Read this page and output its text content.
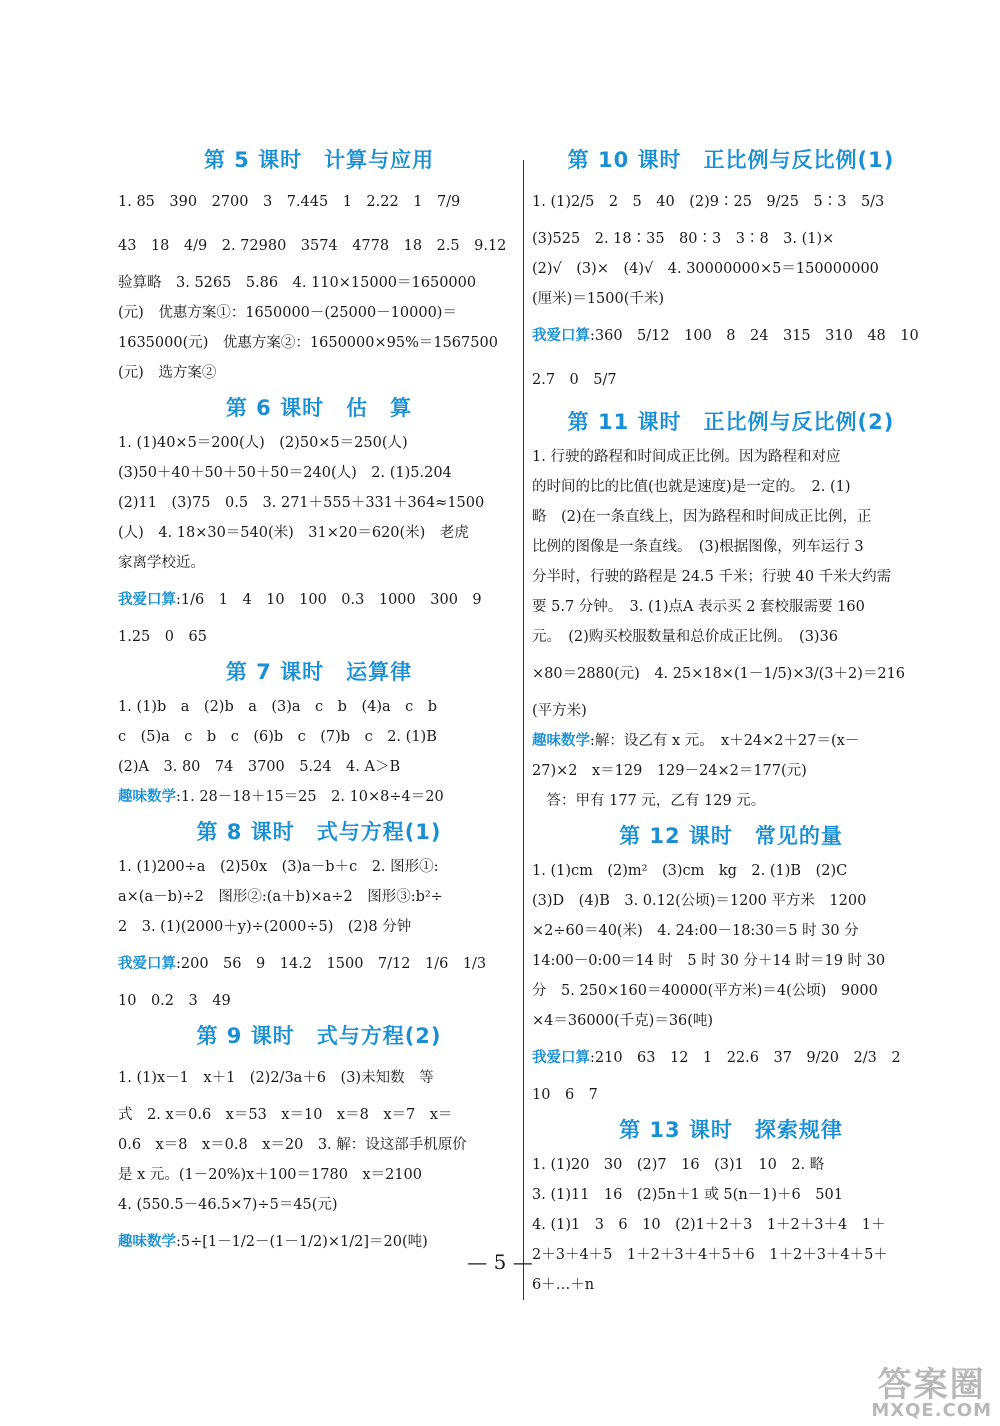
第 5 课时　计算与应用
1. 85　390　2700　3　7.445　1　2.22　1　7/9
43　18　4/9　2. 72980　3574　4778　18　2.5　9.12
验算略　3. 5265　5.86　4. 110×15000＝1650000
(元)　优惠方案①：1650000－(25000－10000)＝
1635000(元)　优惠方案②：1650000×95%＝1567500
(元)　选方案②
第 6 课时　估　算
1. (1)40×5＝200(人)　(2)50×5＝250(人)
(3)50＋40＋50＋50＋50＝240(人)　2. (1)5.204
(2)11　(3)75　0.5　3. 271＋555＋331＋364≈1500
(人)　4. 18×30＝540(米)　31×20＝620(米)　老虎
家离学校近。
我爱口算:1/6　1　4　10　100　0.3　1000　300　9
1.25　0　65
第 7 课时　运算律
1. (1)b　a　(2)b　a　(3)a　c　b　(4)a　c　b
c　(5)a　c　b　c　(6)b　c　(7)b　c　2. (1)B
(2)A　3. 80　74　3700　5.24　4. A＞B
趣味数学:1. 28－18＋15＝25　2. 10×8÷4＝20
第 8 课时　式与方程(1)
1. (1)200÷a　(2)50x　(3)a－b＋c　2. 图形①:
a×(a－b)÷2　图形②:(a＋b)×a÷2　图形③:b²÷
2　3. (1)(2000＋y)÷(2000÷5)　(2)8 分钟
我爱口算:200　56　9　14.2　1500　7/12　1/6　1/3
10　0.2　3　49
第 9 课时　式与方程(2)
1. (1)x－1　x＋1　(2)2/3a＋6　(3)未知数　等
式　2. x＝0.6　x＝53　x＝10　x＝8　x＝7　x＝
0.6　x＝8　x＝0.8　x＝20　3. 解：设这部手机原价
是 x 元。(1－20%)x＋100＝1780　x＝2100
4. (550.5－46.5×7)÷5＝45(元)
趣味数学:5÷[1－1/2－(1－1/2)×1/2]＝20(吨)
第 10 课时　正比例与反比例(1)
1. (1)2/5　2　5　40　(2)9∶25　9/25　5∶3　5/3
(3)525　2. 18∶35　80∶3　3∶8　3. (1)×
(2)√　(3)×　(4)√　4. 30000000×5＝150000000
(厘米)＝1500(千米)
我爱口算:360　5/12　100　8　24　315　310　48　10
2.7　0　5/7
第 11 课时　正比例与反比例(2)
1. 行驶的路程和时间成正比例。因为路程和对应
的时间的比的比值(也就是速度)是一定的。　2. (1)
略　(2)在一条直线上，因为路程和时间成正比例，正
比例的图像是一条直线。　(3)根据图像，列车运行 3
分半时，行驶的路程是 24.5 千米；行驶 40 千米大约需
要 5.7 分钟。　3. (1)点A 表示买 2 套校服需要 160
元。　(2)购买校服数量和总价成正比例。　(3)36
×80＝2880(元)　4. 25×18×(1－1/5)×3/(3＋2)＝216
(平方米)
趣味数学:解：设乙有 x 元。　x＋24×2＋27＝(x－
27)×2　x＝129　129－24×2＝177(元)
　答：甲有 177 元，乙有 129 元。
第 12 课时　常见的量
1. (1)cm　(2)m²　(3)cm　kg　2. (1)B　(2)C
(3)D　(4)B　3. 0.12(公顷)＝1200 平方米　1200
×2÷60＝40(米)　4. 24:00－18:30＝5 时 30 分
14:00－0:00＝14 时　5 时 30 分＋14 时＝19 时 30
分　5. 250×160＝40000(平方米)＝4(公顷)　9000
×4＝36000(千克)＝36(吨)
我爱口算:210　63　12　1　22.6　37　9/20　2/3　2
10　6　7
第 13 课时　探索规律
1. (1)20　30　(2)7　16　(3)1　10　2. 略
3. (1)11　16　(2)5n＋1 或 5(n－1)＋6　501
4. (1)1　3　6　10　(2)1＋2＋3　1＋2＋3＋4　1＋
2＋3＋4＋5　1＋2＋3＋4＋5＋6　1＋2＋3＋4＋5＋
6＋…＋n
— 5 —
答案圈
MXQE.COM
